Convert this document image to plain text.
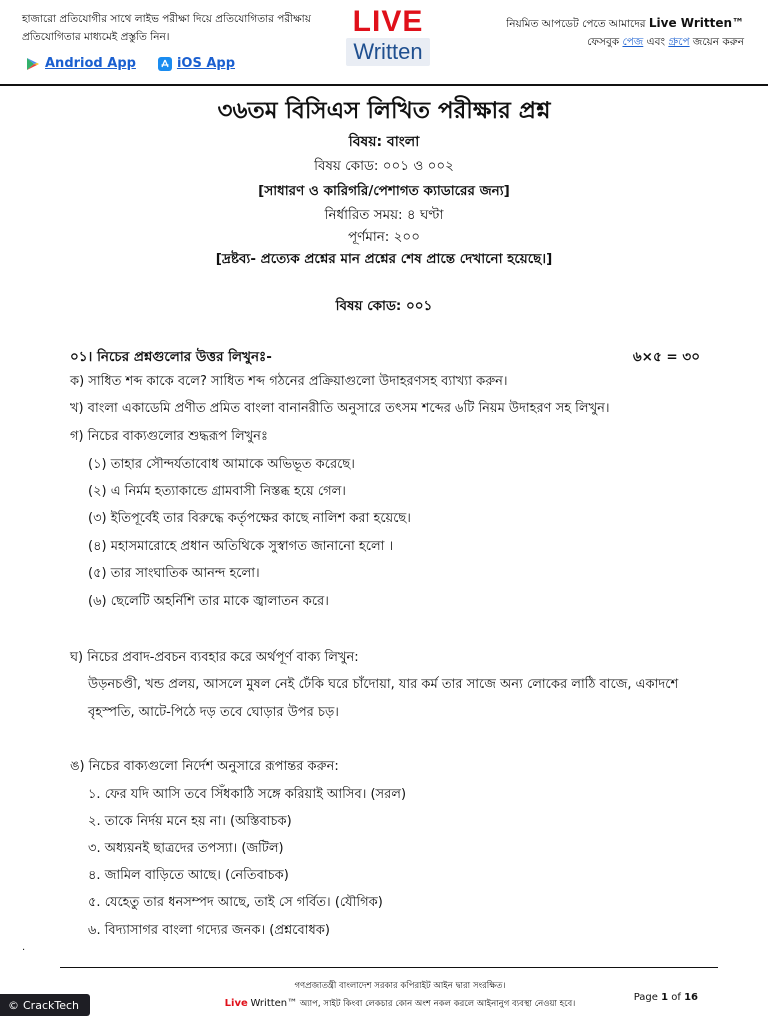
হাজারো প্রতিযোগীর সাথে লাইভ পরীক্ষা দিয়ে প্রতিযোগিতার পরীক্ষায়
প্রতিযোগিতার মাধ্যমেই প্রস্তুতি নিন।
Andriod App	iOS App
LIVE
Written
নিয়মিত আপডেট পেতে আমাদের Live Written™
ফেসবুক পেজ এবং গ্রুপে জয়েন করুন
৩৬তম বিসিএস লিখিত পরীক্ষার প্রশ্ন
বিষয়: বাংলা
বিষয় কোড: ০০১ ও ০০২
[সাধারণ ও কারিগরি/পেশাগত ক্যাডারের জন্য]
নির্ধারিত সময়: ৪ ঘণ্টা
পূর্ণমান: ২০০
[দ্রষ্টব্য- প্রত্যেক প্রশ্নের মান প্রশ্নের শেষ প্রান্তে দেখানো হয়েছে।]
বিষয় কোড: ০০১
০১। নিচের প্রশ্নগুলোর উত্তর লিখুনঃ-	৬×৫ = ৩০
ক) সাধিত শব্দ কাকে বলে? সাধিত শব্দ গঠনের প্রক্রিয়াগুলো উদাহরণসহ ব্যাখ্যা করুন।
খ) বাংলা একাডেমি প্রণীত প্রমিত বাংলা বানানরীতি অনুসারে তৎসম শব্দের ৬টি নিয়ম উদাহরণ সহ লিখুন।
গ) নিচের বাক্যগুলোর শুদ্ধরূপ লিখুনঃ
(১) তাহার সৌন্দর্যতাবোধ আমাকে অভিভূত করেছে।
(২) এ নির্মম হত্যাকান্ডে গ্রামবাসী নিস্তব্ধ হয়ে গেল।
(৩) ইতিপূর্বেই তার বিরুদ্ধে কর্তৃপক্ষের কাছে নালিশ করা হয়েছে।
(৪) মহাসমারোহে প্রধান অতিথিকে সুস্বাগত জানানো হলো ।
(৫) তার সাংঘাতিক আনন্দ হলো।
(৬) ছেলেটি অহর্নিশি তার মাকে জ্বালাতন করে।
ঘ) নিচের প্রবাদ-প্রবচন ব্যবহার করে অর্থপূর্ণ বাক্য লিখুন:
উড়নচণ্ডী, খন্ড প্রলয়, আসলে মুষল নেই ঢেঁকি ঘরে চাঁদোয়া, যার কর্ম তার সাজে অন্য লোকের লাঠি বাজে, একাদশে
বৃহস্পতি, আটে-পিঠে দড় তবে ঘোড়ার উপর চড়।
ঙ) নিচের বাক্যগুলো নির্দেশ অনুসারে রূপান্তর করুন:
১. ফের যদি আসি তবে সিঁধকাঠি সঙ্গে করিয়াই আসিব। (সরল)
২. তাকে নির্দয় মনে হয় না। (অস্তিবাচক)
৩. অধ্যয়নই ছাত্রদের তপস্যা। (জটিল)
৪. জামিল বাড়িতে আছে। (নেতিবাচক)
৫. যেহেতু তার ধনসম্পদ আছে, তাই সে গর্বিত। (যৌগিক)
৬. বিদ্যাসাগর বাংলা গদ্যের জনক। (প্রশ্নবোধক)
.
গণপ্রজাতন্ত্রী বাংলাদেশ সরকার কপিরাইট আইন দ্বারা সংরক্ষিত।
Live Written™ অ্যাপ, সাইট কিংবা লেকচার কোন অংশ নকল করলে আইনানুগ ব্যবস্থা নেওয়া হবে।
Page 1 of 16
© CrackTech
